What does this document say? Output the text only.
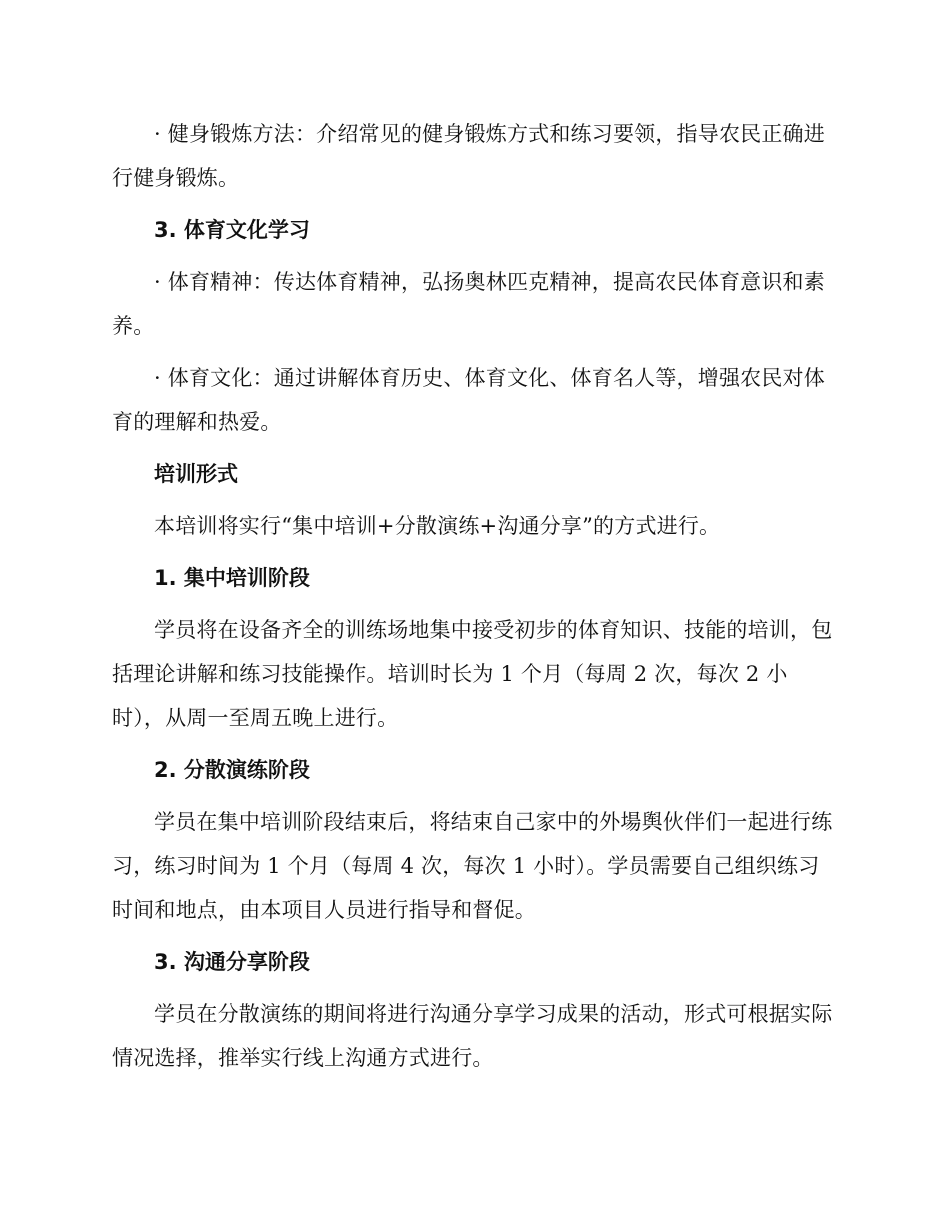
· 健身锻炼方法：介绍常见的健身锻炼方式和练习要领，指导农民正确进行健身锻炼。

3. 体育文化学习

· 体育精神：传达体育精神，弘扬奥林匹克精神，提高农民体育意识和素养。

· 体育文化：通过讲解体育历史、体育文化、体育名人等，增强农民对体育的理解和热爱。

培训形式

本培训将实行“集中培训+分散演练+沟通分享”的方式进行。

1. 集中培训阶段

学员将在设备齐全的训练场地集中接受初步的体育知识、技能的培训，包括理论讲解和练习技能操作。培训时长为 1 个月（每周 2 次，每次 2 小时），从周一至周五晚上进行。

2. 分散演练阶段

学员在集中培训阶段结束后，将结束自己家中的外場舆伙伴们一起进行练习，练习时间为 1 个月（每周 4 次，每次 1 小时）。学员需要自己组织练习时间和地点，由本项目人员进行指导和督促。

3. 沟通分享阶段

学员在分散演练的期间将进行沟通分享学习成果的活动，形式可根据实际情况选择，推举实行线上沟通方式进行。
